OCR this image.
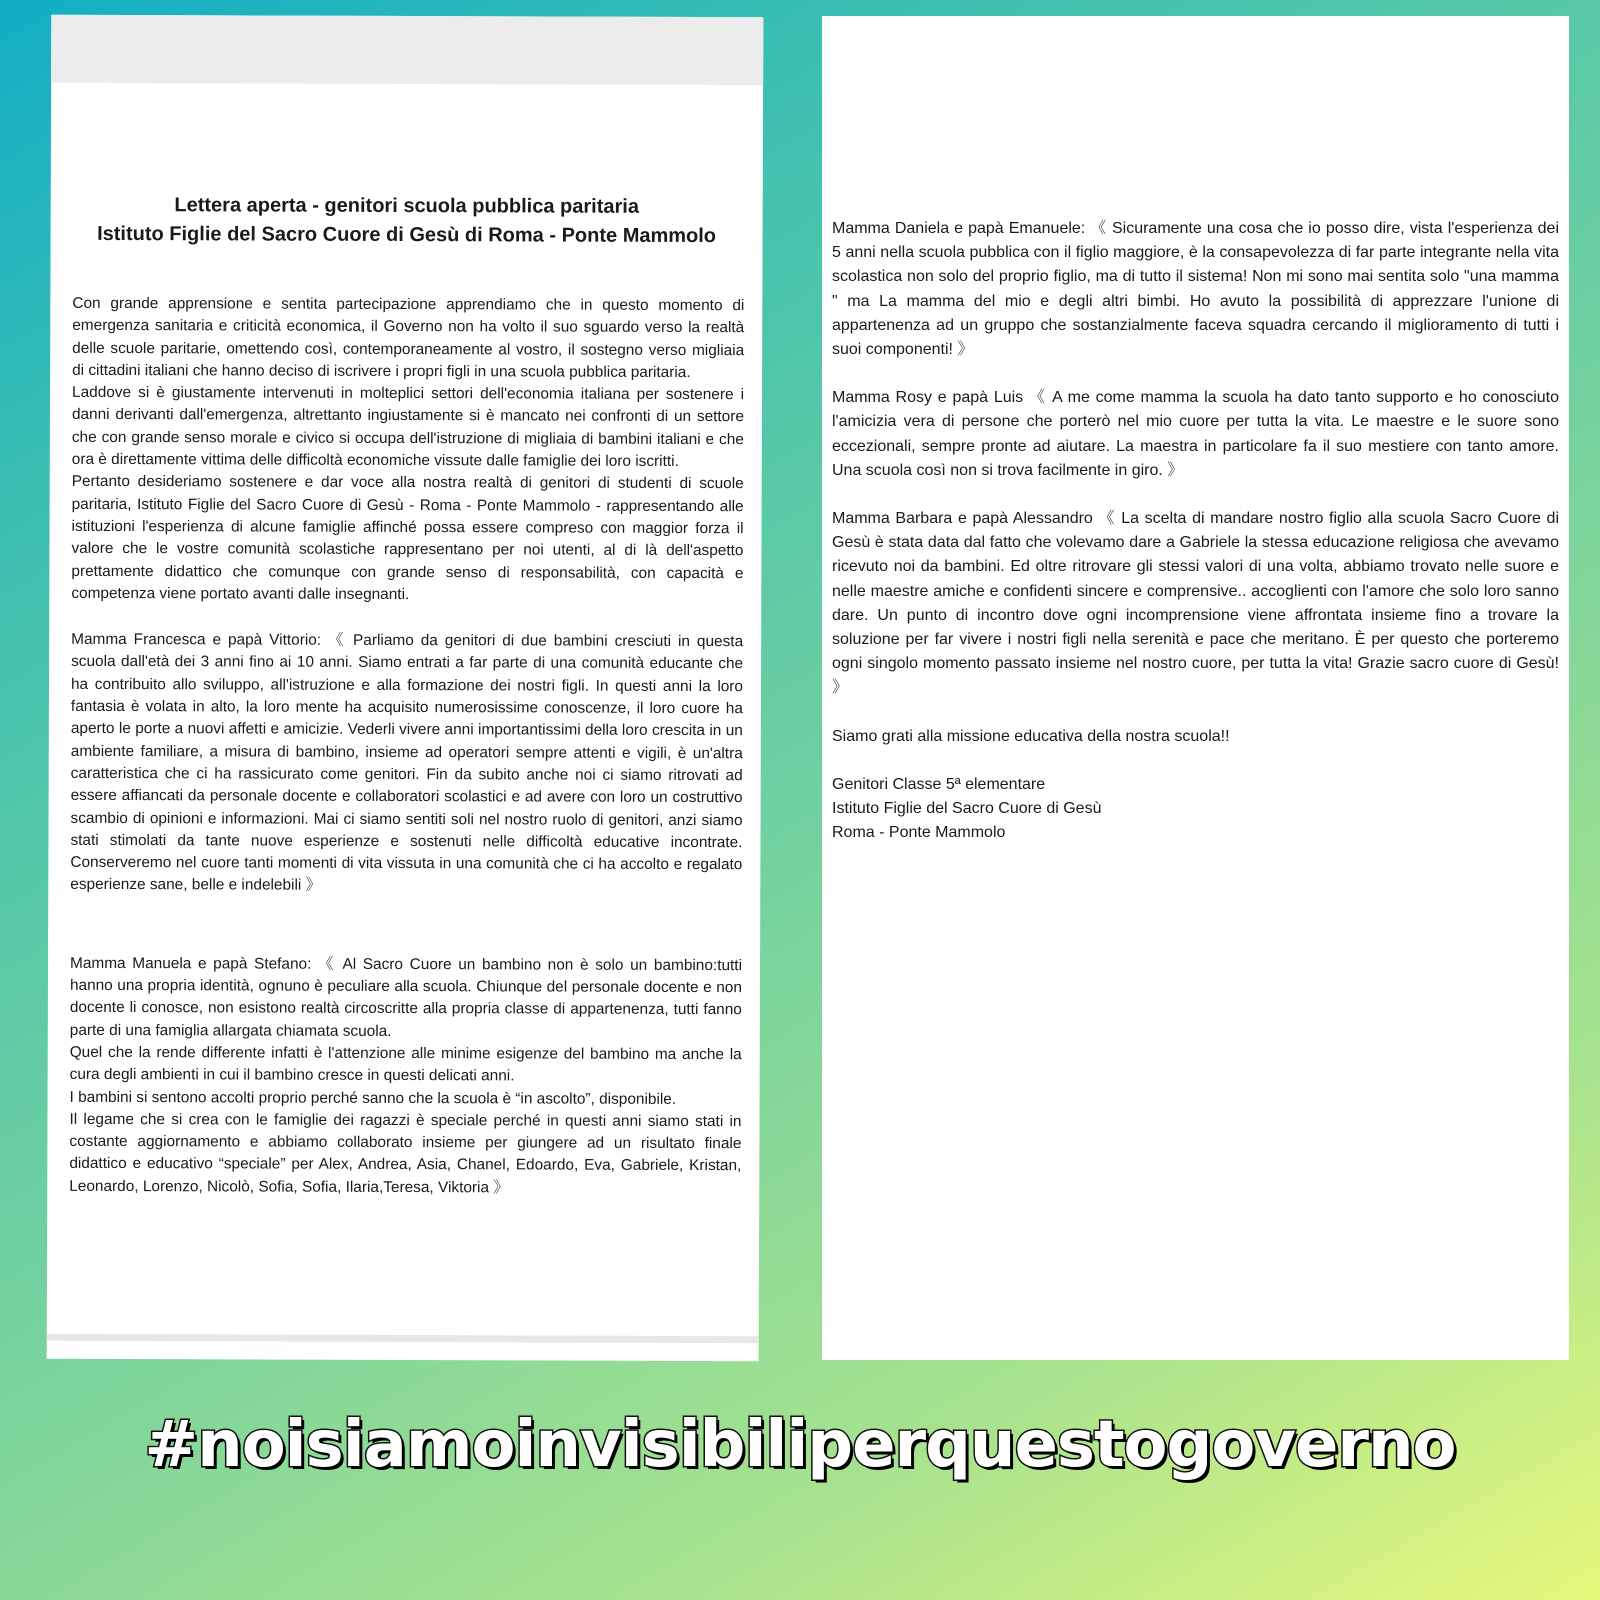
Lettera aperta - genitori scuola pubblica paritaria
Istituto Figlie del Sacro Cuore di Gesù di Roma - Ponte Mammolo

Con grande apprensione e sentita partecipazione apprendiamo che in questo momento di emergenza sanitaria e criticità economica, il Governo non ha volto il suo sguardo verso la realtà delle scuole paritarie, omettendo così, contemporaneamente al vostro, il sostegno verso migliaia di cittadini italiani che hanno deciso di iscrivere i propri figli in una scuola pubblica paritaria.

Laddove si è giustamente intervenuti in molteplici settori dell'economia italiana per sostenere i danni derivanti dall'emergenza, altrettanto ingiustamente si è mancato nei confronti di un settore che con grande senso morale e civico si occupa dell'istruzione di migliaia di bambini italiani e che ora è direttamente vittima delle difficoltà economiche vissute dalle famiglie dei loro iscritti.

Pertanto desideriamo sostenere e dar voce alla nostra realtà di genitori di studenti di scuole paritaria, Istituto Figlie del Sacro Cuore di Gesù - Roma - Ponte Mammolo - rappresentando alle istituzioni l'esperienza di alcune famiglie affinché possa essere compreso con maggior forza il valore che le vostre comunità scolastiche rappresentano per noi utenti, al di là dell'aspetto prettamente didattico che comunque con grande senso di responsabilità, con capacità e competenza viene portato avanti dalle insegnanti.

Mamma Francesca e papà Vittorio: 《 Parliamo da genitori di due bambini cresciuti in questa scuola dall'età dei 3 anni fino ai 10 anni. Siamo entrati a far parte di una comunità educante che ha contribuito allo sviluppo, all'istruzione e alla formazione dei nostri figli. In questi anni la loro fantasia è volata in alto, la loro mente ha acquisito numerosissime conoscenze, il loro cuore ha aperto le porte a nuovi affetti e amicizie. Vederli vivere anni importantissimi della loro crescita in un ambiente familiare, a misura di bambino, insieme ad operatori sempre attenti e vigili, è un'altra caratteristica che ci ha rassicurato come genitori. Fin da subito anche noi ci siamo ritrovati ad essere affiancati da personale docente e collaboratori scolastici e ad avere con loro un costruttivo scambio di opinioni e informazioni. Mai ci siamo sentiti soli nel nostro ruolo di genitori, anzi siamo stati stimolati da tante nuove esperienze e sostenuti nelle difficoltà educative incontrate. Conserveremo nel cuore tanti momenti di vita vissuta in una comunità che ci ha accolto e regalato esperienze sane, belle e indelebili 》

Mamma Manuela e papà Stefano: 《 Al Sacro Cuore un bambino non è solo un bambino:tutti hanno una propria identità, ognuno è peculiare alla scuola. Chiunque del personale docente e non docente li conosce, non esistono realtà circoscritte alla propria classe di appartenenza, tutti fanno parte di una famiglia allargata chiamata scuola.

Quel che la rende differente infatti è l'attenzione alle minime esigenze del bambino ma anche la cura degli ambienti in cui il bambino cresce in questi delicati anni.

I bambini si sentono accolti proprio perché sanno che la scuola è “in ascolto”, disponibile.

Il legame che si crea con le famiglie dei ragazzi è speciale perché in questi anni siamo stati in costante aggiornamento e abbiamo collaborato insieme per giungere ad un risultato finale didattico e educativo “speciale” per Alex, Andrea, Asia, Chanel, Edoardo, Eva, Gabriele, Kristan, Leonardo, Lorenzo, Nicolò, Sofia, Sofia, Ilaria,Teresa, Viktoria 》

Mamma Daniela e papà Emanuele: 《 Sicuramente una cosa che io posso dire, vista l'esperienza dei 5 anni nella scuola pubblica con il figlio maggiore, è la consapevolezza di far parte integrante nella vita scolastica non solo del proprio figlio, ma di tutto il sistema! Non mi sono mai sentita solo "una mamma " ma La mamma del mio e degli altri bimbi. Ho avuto la possibilità di apprezzare l'unione di appartenenza ad un gruppo che sostanzialmente faceva squadra cercando il miglioramento di tutti i suoi componenti! 》

Mamma Rosy e papà Luis 《 A me come mamma la scuola ha dato tanto supporto e ho conosciuto l'amicizia vera di persone che porterò nel mio cuore per tutta la vita. Le maestre e le suore sono eccezionali, sempre pronte ad aiutare. La maestra in particolare fa il suo mestiere con tanto amore. Una scuola così non si trova facilmente in giro. 》

Mamma Barbara e papà Alessandro 《 La scelta di mandare nostro figlio alla scuola Sacro Cuore di Gesù è stata data dal fatto che volevamo dare a Gabriele la stessa educazione religiosa che avevamo ricevuto noi da bambini. Ed oltre ritrovare gli stessi valori di una volta, abbiamo trovato nelle suore e nelle maestre amiche e confidenti sincere e comprensive.. accoglienti con l'amore che solo loro sanno dare. Un punto di incontro dove ogni incomprensione viene affrontata insieme fino a trovare la soluzione per far vivere i nostri figli nella serenità e pace che meritano. È per questo che porteremo ogni singolo momento passato insieme nel nostro cuore, per tutta la vita! Grazie sacro cuore di Gesù! 》

Siamo grati alla missione educativa della nostra scuola!!

Genitori Classe 5ª elementare

Istituto Figlie del Sacro Cuore di Gesù

Roma - Ponte Mammolo

#noisiamoinvisibiliperquestogoverno
